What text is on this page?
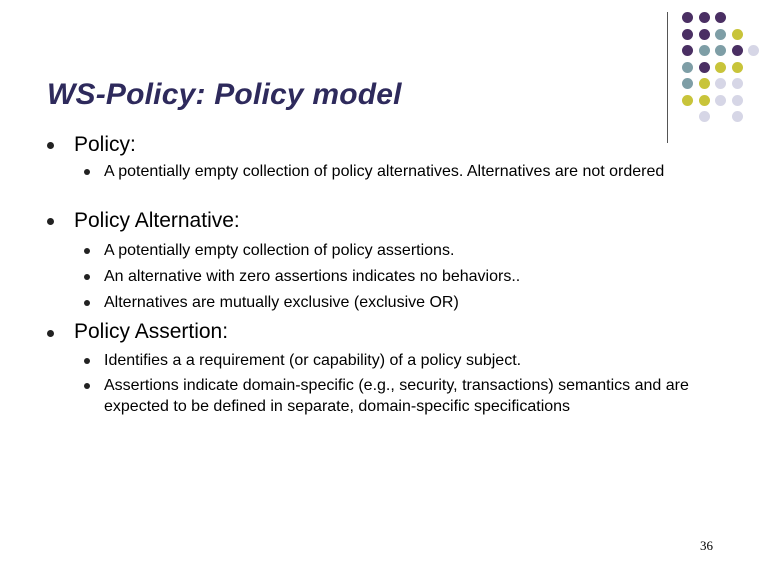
WS-Policy: Policy model
Policy:
A potentially empty collection of policy alternatives. Alternatives are not ordered
Policy Alternative:
A potentially empty collection of policy assertions.
An alternative with zero assertions indicates no behaviors..
Alternatives are mutually exclusive (exclusive OR)
Policy Assertion:
Identifies a a requirement (or capability) of a policy subject.
Assertions indicate domain-specific (e.g., security, transactions) semantics and are expected to be defined in separate, domain-specific specifications
36
